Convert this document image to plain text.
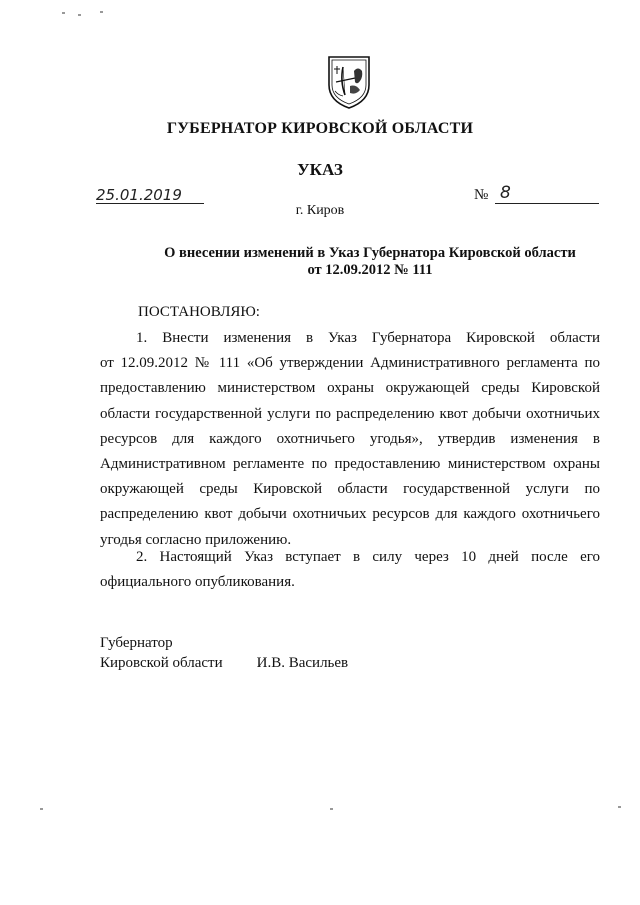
ГУБЕРНАТОР КИРОВСКОЙ ОБЛАСТИ
УКАЗ
25.01.2019	№ 8
г. Киров
О внесении изменений в Указ Губернатора Кировской области
от 12.09.2012 № 111
ПОСТАНОВЛЯЮ:
1. Внести изменения в Указ Губернатора Кировской области
от 12.09.2012 № 111 «Об утверждении Административного регламента по
предоставлению министерством охраны окружающей среды Кировской
области государственной услуги по распределению квот добычи охотничьих
ресурсов для каждого охотничьего угодья», утвердив изменения в
Административном регламенте по предоставлению министерством охраны
окружающей среды Кировской области государственной услуги по
распределению квот добычи охотничьих ресурсов для каждого охотничьего
угодья согласно приложению.
2. Настоящий Указ вступает в силу через 10 дней после его
официального опубликования.
Губернатор
Кировской области И.В. Васильев
